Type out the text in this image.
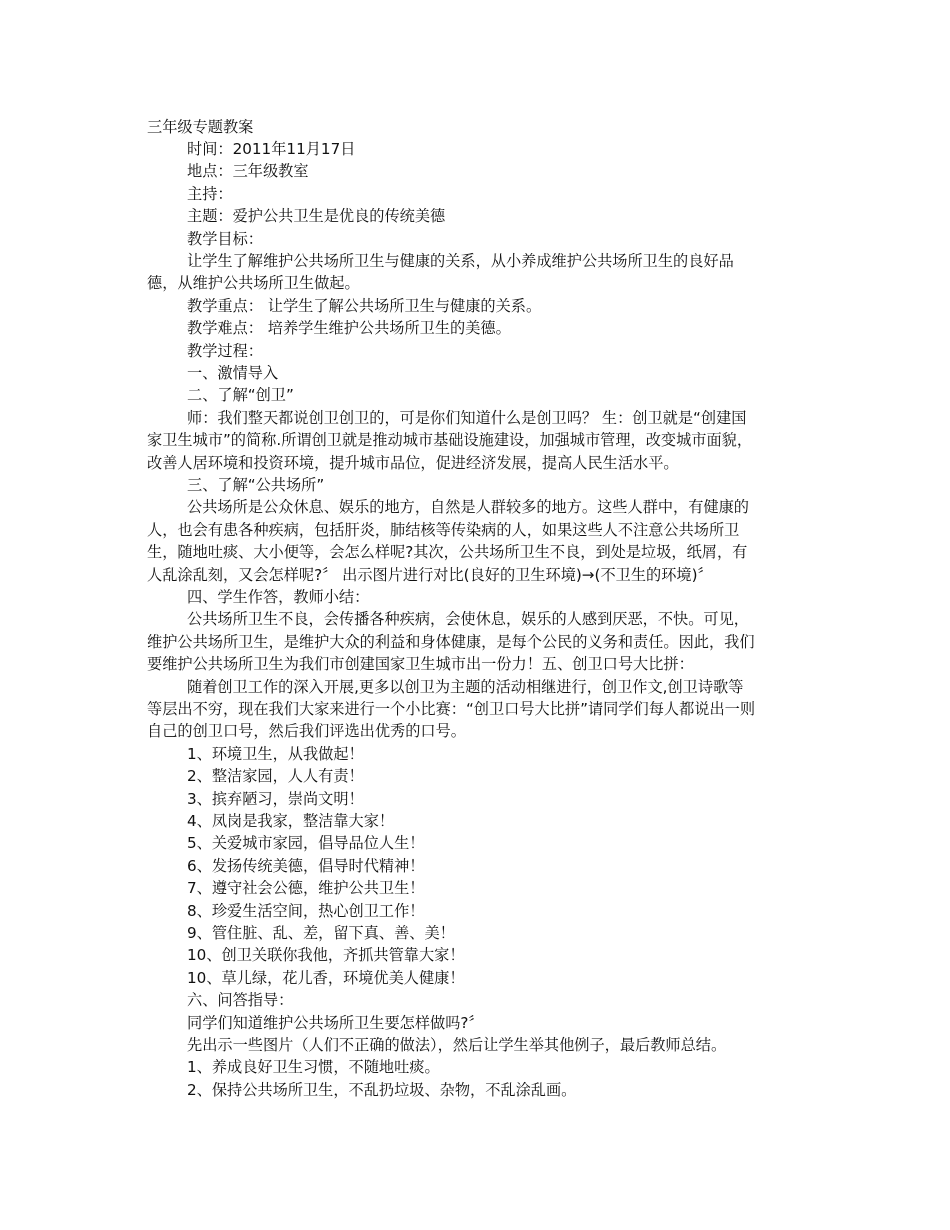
三年级专题教案
时间：2011年11月17日
地点：三年级教室
主持：
主题：爱护公共卫生是优良的传统美德
教学目标：
让学生了解维护公共场所卫生与健康的关系，从小养成维护公共场所卫生的良好品
德，从维护公共场所卫生做起。
教学重点： 让学生了解公共场所卫生与健康的关系。
教学难点： 培养学生维护公共场所卫生的美德。
教学过程：
一、激情导入
二、了解“创卫”
师：我们整天都说创卫创卫的，可是你们知道什么是创卫吗？ 生：创卫就是“创建国
家卫生城市”的简称.所谓创卫就是推动城市基础设施建设，加强城市管理，改变城市面貌，
改善人居环境和投资环境，提升城市品位，促进经济发展，提高人民生活水平。
三、了解“公共场所”
公共场所是公众休息、娱乐的地方，自然是人群较多的地方。这些人群中，有健康的
人，也会有患各种疾病，包括肝炎，肺结核等传染病的人，如果这些人不注意公共场所卫
生，随地吐痰、大小便等，会怎么样呢?其次，公共场所卫生不良，到处是垃圾，纸屑，有
人乱涂乱刻，又会怎样呢?〞 出示图片进行对比(良好的卫生环境)→(不卫生的环境)〞
四、学生作答，教师小结：
公共场所卫生不良，会传播各种疾病，会使休息，娱乐的人感到厌恶，不快。可见，
维护公共场所卫生，是维护大众的利益和身体健康，是每个公民的义务和责任。因此，我们
要维护公共场所卫生为我们市创建国家卫生城市出一份力！五、创卫口号大比拼：
随着创卫工作的深入开展,更多以创卫为主题的活动相继进行，创卫作文,创卫诗歌等
等层出不穷，现在我们大家来进行一个小比赛：“创卫口号大比拼”请同学们每人都说出一则
自己的创卫口号，然后我们评选出优秀的口号。
1、环境卫生，从我做起！
2、整洁家园，人人有责！
3、摈弃陋习，崇尚文明！
4、凤岗是我家，整洁靠大家！
5、关爱城市家园，倡导品位人生！
6、发扬传统美德，倡导时代精神！
7、遵守社会公德，维护公共卫生！
8、珍爱生活空间，热心创卫工作！
9、管住脏、乱、差，留下真、善、美！
10、创卫关联你我他，齐抓共管靠大家！
10、草儿绿，花儿香，环境优美人健康！
六、问答指导：
同学们知道维护公共场所卫生要怎样做吗?〞
先出示一些图片（人们不正确的做法），然后让学生举其他例子，最后教师总结。
1、养成良好卫生习惯，不随地吐痰。
2、保持公共场所卫生，不乱扔垃圾、杂物，不乱涂乱画。
